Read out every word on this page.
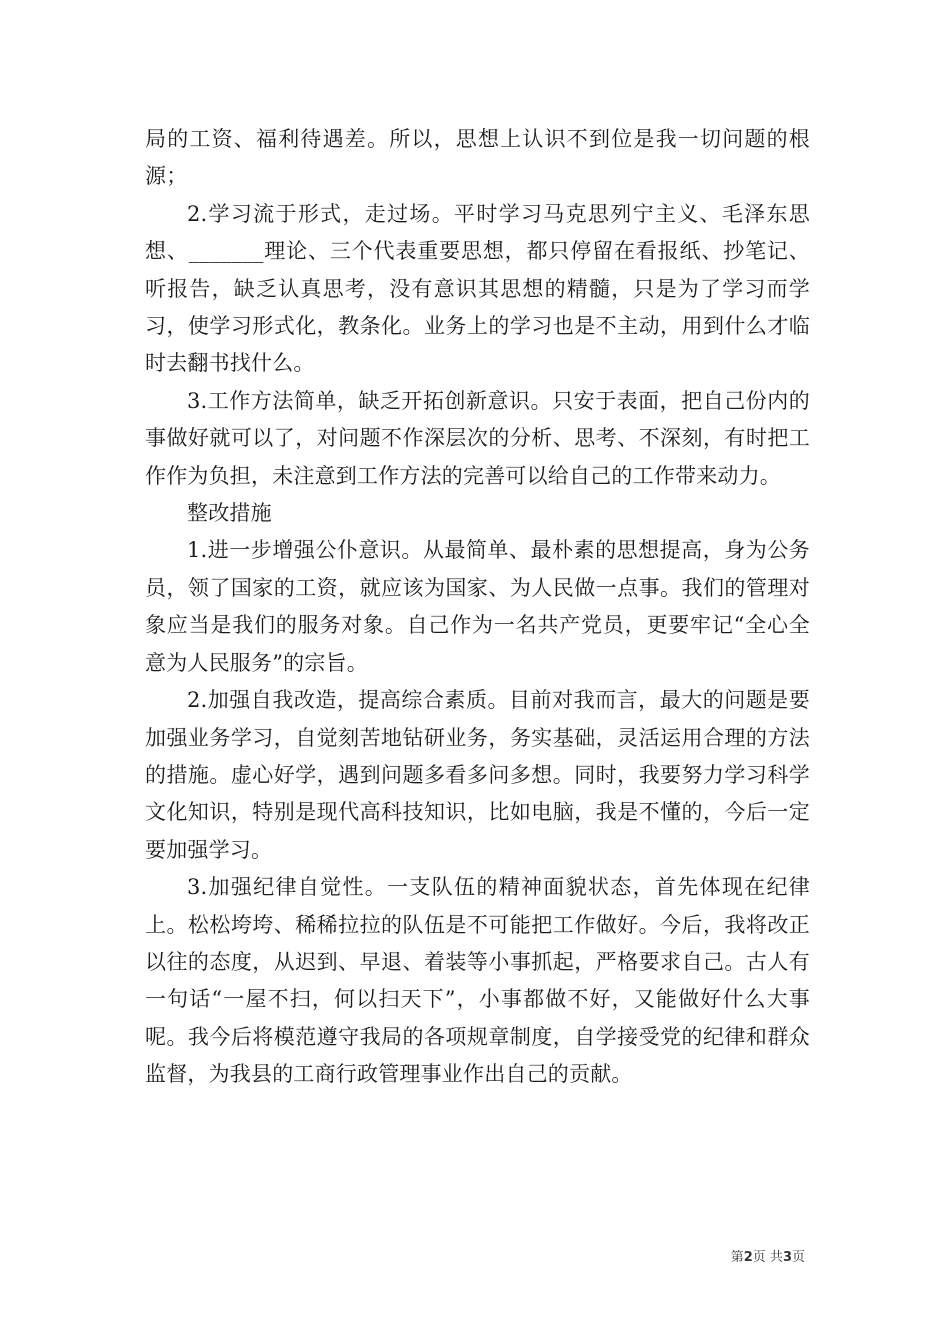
局的工资、福利待遇差。所以，思想上认识不到位是我一切问题的根源；

2.学习流于形式，走过场。平时学习马克思列宁主义、毛泽东思想、_______理论、三个代表重要思想，都只停留在看报纸、抄笔记、听报告，缺乏认真思考，没有意识其思想的精髓，只是为了学习而学习，使学习形式化，教条化。业务上的学习也是不主动，用到什么才临时去翻书找什么。

3.工作方法简单，缺乏开拓创新意识。只安于表面，把自己份内的事做好就可以了，对问题不作深层次的分析、思考、不深刻，有时把工作作为负担，未注意到工作方法的完善可以给自己的工作带来动力。

整改措施

1.进一步增强公仆意识。从最简单、最朴素的思想提高，身为公务员，领了国家的工资，就应该为国家、为人民做一点事。我们的管理对象应当是我们的服务对象。自己作为一名共产党员，更要牢记“全心全意为人民服务”的宗旨。

2.加强自我改造，提高综合素质。目前对我而言，最大的问题是要加强业务学习，自觉刻苦地钻研业务，务实基础，灵活运用合理的方法的措施。虚心好学，遇到问题多看多问多想。同时，我要努力学习科学文化知识，特别是现代高科技知识，比如电脑，我是不懂的，今后一定要加强学习。

3.加强纪律自觉性。一支队伍的精神面貌状态，首先体现在纪律上。松松垮垮、稀稀拉拉的队伍是不可能把工作做好。今后，我将改正以往的态度，从迟到、早退、着装等小事抓起，严格要求自己。古人有一句话“一屋不扫，何以扫天下”，小事都做不好，又能做好什么大事呢。我今后将模范遵守我局的各项规章制度，自学接受党的纪律和群众监督，为我县的工商行政管理事业作出自己的贡献。

第2页 共3页
